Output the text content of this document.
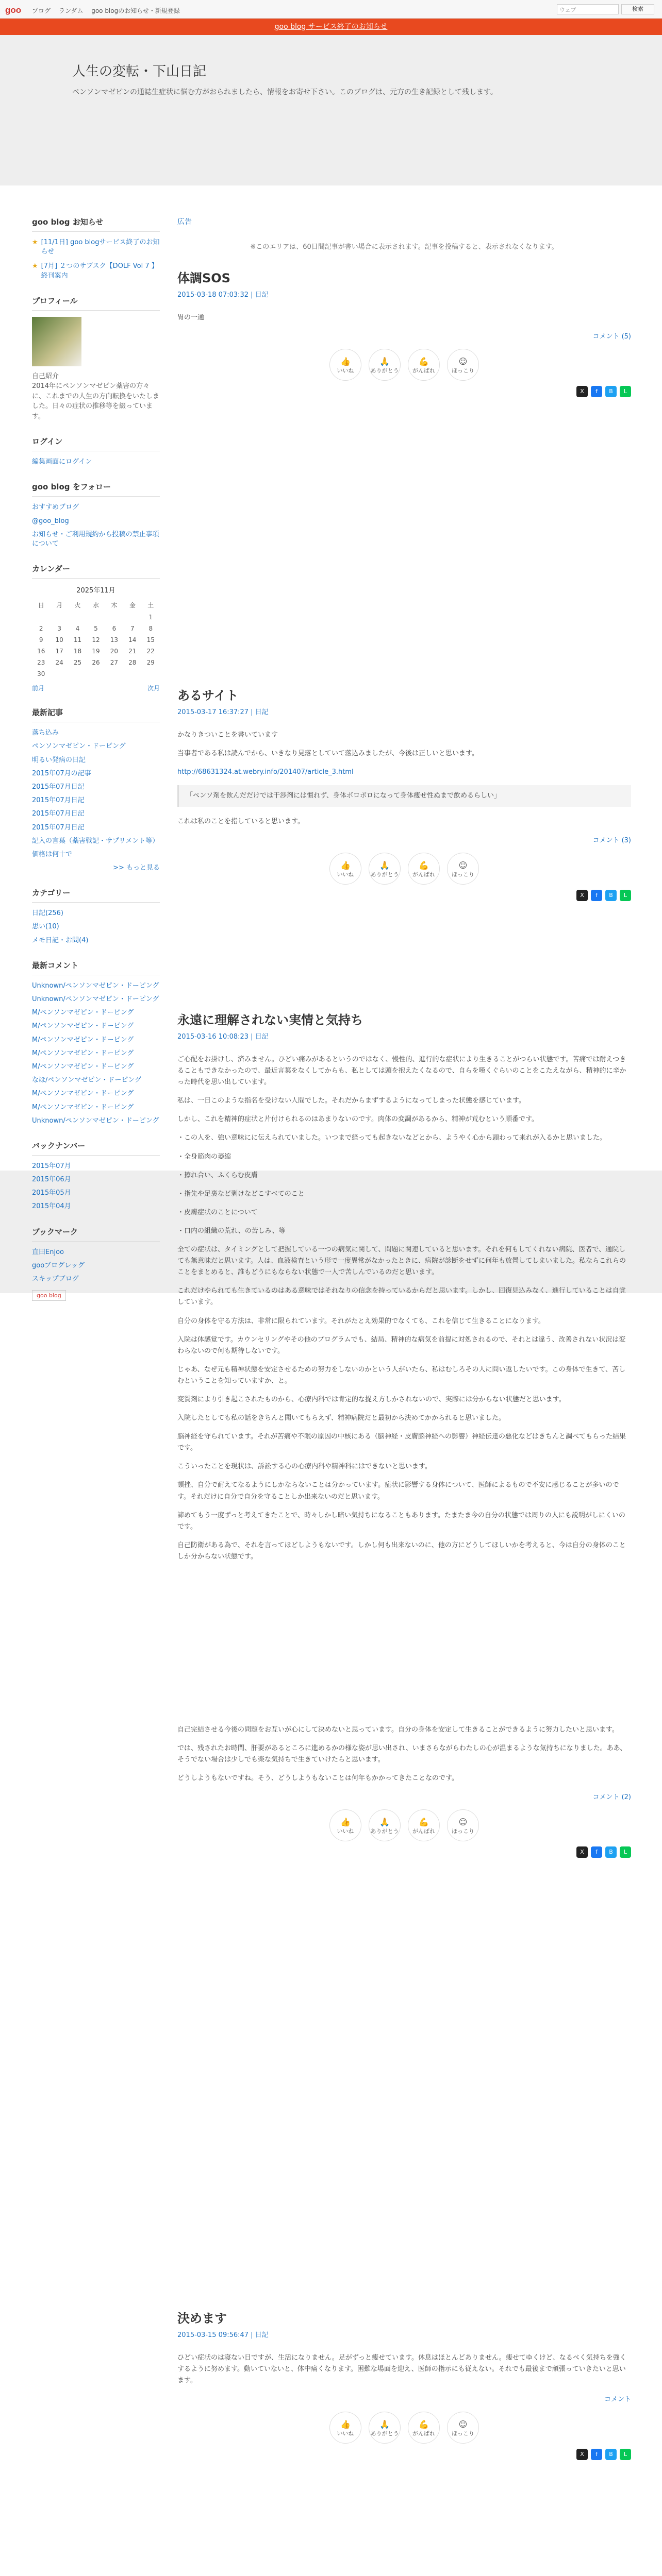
goo ブログ ランダム goo blogのお知らせ・新規登録	ウェブ	検索
goo blog サービス終了のお知らせ
人生の変転・下山日記
ペンソンマゼピンの通誌生症状に悩む方がおられましたら、情報をお寄せ下さい。このブログは、元方の生き記録として残します。
goo blog お知らせ
★ [11/1日] goo blogサービス終了のお知らせ
★ [7月] ２つのサブスク【DOLF Vol 7 】終刊案内
プロフィール
自己紹介
2014年にペンソンマゼピン薬害の方々に、これまでの人生の方向転換をいたしました。日々の症状の推移等を綴っています。
ログイン
編集画面にログイン
goo blog をフォロー
おすすめブログ
@goo_blog
お知らせ・ご利用規約から投稿の禁止事項について
カレンダー
2025年11月
日	月	火	水	木	金	土
						1
2	3	4	5	6	7	8
9	10	11	12	13	14	15
16	17	18	19	20	21	22
23	24	25	26	27	28	29
30						
前月	次月
最新記事
落ち込み
ペンソンマゼピン・ドーピング
明るい発病の日記
2015年07月の記事
2015年07月日記
2015年07月日記
2015年07月日記
2015年07月日記
記入の言葉（薬害戦記・サプリメント等）
価格は何十で
>> もっと見る
カテゴリー
日記(256)
思い(10)
メモ日記・お問(4)
最新コメント
Unknown/ペンソンマゼピン・ドーピング
Unknown/ペンソンマゼピン・ドーピング
M/ペンソンマゼピン・ドーピング
M/ペンソンマゼピン・ドーピング
M/ペンソンマゼピン・ドーピング
M/ペンソンマゼピン・ドーピング
M/ペンソンマゼピン・ドーピング
なほ/ペンソンマゼピン・ドーピング
M/ペンソンマゼピン・ドーピング
M/ペンソンマゼピン・ドーピング
Unknown/ペンソンマゼピン・ドーピング
バックナンバー
2015年07月
2015年06月
2015年05月
2015年04月
ブックマーク
直田Enjoo
gooブログレッグ
スキップブログ
goo blog
広告
※このエリアは、60日間記事が書い場合に表示されます。記事を投稿すると、表示されなくなります。
体調SOS
2015-03-18 07:03:32 | 日記

胃の一通

コメント (5)
👍
いいね
🙏
ありがとう
💪
がんばれ
☺
ほっこり
X	f	B	L
あるサイト
2015-03-17 16:37:27 | 日記

かなりきついことを書いています

当事者である私は読んでから、いきなり見落としていて落込みましたが、今後は正しいと思います。

http://68631324.at.webry.info/201407/article_3.html

「ペンソ剤を飲んだだけでは干渉剤には慣れず、身体ボロボロになって身体痩せ性ぬまで飲めるらしい」

これは私のことを指していると思います。

コメント (3)
👍
いいね
🙏
ありがとう
💪
がんばれ
☺
ほっこり
X	f	B	L
永遠に理解されない実情と気持ち
2015-03-16 10:08:23 | 日記

ご心配をお掛けし、済みません。ひどい痛みがあるというのではなく、慢性的、進行的な症状により生きることがつらい状態です。苦痛では耐えつきることもできなかったので、最近言葉をなくしてからも、私としては頭を抱えたくなるので、自らを嘆くぐらいのことをこたえながら、精神的に辛かった時代を思い出しています。

私は、一日このような指名を受けない人間でした。それだからまずするようになってしまった状態を感じています。

しかし、これを精神的症状と片付けられるのはあまりないのです。肉体の変調があるから、精神が荒むという順番です。

・この人を、強い意味にに伝えられていました。いつまで経っても起きないなどとから、ようやく心から頭わって来れが入るかと思いました。

・全身筋肉の萎縮

・擦れ合い、ふくらむ皮膚

・指先や足裏など剥けなどこすべてのこと

・皮膚症状のことについて

・口内の組織の荒れ、の苦しみ、等

全ての症状は、タイミングとして把握している一つの病気に関して、問題に関連していると思います。それを何もしてくれない病院、医者で、通院しても無意味だと思います。人は、血液検査という形で一度異常がなかったときに、病院が診断をせずに何年も放置してしまいました。私ならこれらのことをまとめると、誰もどうにもならない状態で一人で苦しんでいるのだと思います。

これだけやられても生きているのはある意味ではそれなりの信念を持っているからだと思います。しかし、回復見込みなく、進行していることは自覚しています。

自分の身体を守る方法は、非常に限られています。それがたとえ効果的でなくても、これを信じて生きることになります。

入院は体感覚です。カウンセリングやその他のプログラムでも、結局、精神的な病気を前提に対処されるので、それとは違う、改善されない状況は変わらないので何も期待しないです。

じゃあ、なぜ元も精神状態を安定させるための努力をしないのかという人がいたら、私はむしろその人に問い返したいです。この身体で生きて、苦しむということを知っていますか、と。

変質剤により引き起こされたものから、心療内科では肯定的な捉え方しかされないので、実際には分からない状態だと思います。

入院したとしても私の話をきちんと聞いてもらえず、精神病院だと最初から決めてかかられると思いました。

脳神経を守られています。それが苦痛や不眠の原因の中核にある（脳神経・皮膚脳神経への影響）神経伝達の悪化などはきちんと調べてもらった結果です。

こういったことを現状は、訴訟する心の心療内科や精神科にはできないと思います。

頓挫、自分で耐えてなるようにしかならないことは分かっています。症状に影響する身体について、医師によるもので不安に感じることが多いのです。それだけに自分で自分を守ることしか出来ないのだと思います。

諦めてもう一度ずっと考えてきたことで、時々しかし暗い気持ちになることもあります。たまたま今の自分の状態では周りの人にも説明がしにくいのです。

自己防衛がある為で、それを言ってほどしようもないです。しかし何も出来ないのに、他の方にどうしてほしいかを考えると、今は自分の身体のことしか分からない状態です。

自己完結させる今後の問題をお互いが心にして決めないと思っています。自分の身体を安定して生きることができるように努力したいと思います。

では、残されたお時間、肝要があるところに進めるかの様な姿が思い出され、いまさらながらわたしの心が温まるような気持ちになりました。ああ、そうでない場合は少しでも楽な気持ちで生きていけたらと思います。

どうしようもないですね。そう、どうしようもないことは何年もかかってきたことなのです。

コメント (2)
👍
いいね
🙏
ありがとう
💪
がんばれ
☺
ほっこり
X	f	B	L
決めます
2015-03-15 09:56:47 | 日記

ひどい症状のは寝ない日ですが、生活になりません。足がずっと痩せています。休息はほとんどありません。痩せてゆくけど、なるべく気持ちを強くするように努めます。動いていないと、体中痛くなります。困難な場面を迎え、医師の指示にも従えない。それでも最後まで頑張っていきたいと思います。

コメント
👍
いいね
🙏
ありがとう
💪
がんばれ
☺
ほっこり
X	f	B	L
